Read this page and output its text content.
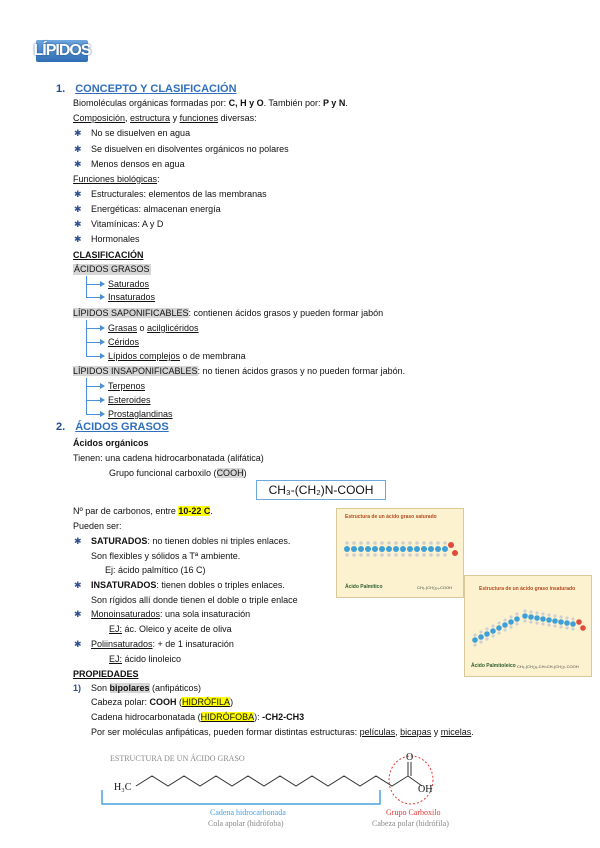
LÍPIDOS
1. CONCEPTO Y CLASIFICACIÓN
Biomoléculas orgánicas formadas por: C, H y O. También por: P y N.
Composición, estructura y funciones diversas:
✱ No se disuelven en agua
✱ Se disuelven en disolventes orgánicos no polares
✱ Menos densos en agua
Funciones biológicas:
✱ Estructurales: elementos de las membranas
✱ Energéticas: almacenan energía
✱ Vitamínicas: A y D
✱ Hormonales
CLASIFICACIÓN
ÁCIDOS GRASOS
Saturados
Insaturados
LÍPIDOS SAPONIFICABLES: contienen ácidos grasos y pueden formar jabón
Grasas o acilglicéridos
Céridos
Lípidos complejos o de membrana
LÍPIDOS INSAPONIFICABLES: no tienen ácidos grasos y no pueden formar jabón.
Terpenos
Esteroides
Prostaglandinas
2. ÁCIDOS GRASOS
Ácidos orgánicos
Tienen: una cadena hidrocarbonatada (alifática)
Grupo funcional carboxilo (COOH)
CH₃-(CH₂)N-COOH
Nº par de carbonos, entre 10-22 C.
Pueden ser:
✱ SATURADOS: no tienen dobles ni triples enlaces.
Son flexibles y sólidos a Tª ambiente.
Ej: ácido palmítico (16 C)
✱ INSATURADOS: tienen dobles o triples enlaces.
Son rígidos allí donde tienen el doble o triple enlace
✱ Monoinsaturados: una sola insaturación
EJ: ác. Oleico y aceite de oliva
✱ Poliinsaturados: + de 1 insaturación
EJ: ácido linoleico
PROPIEDADES
1) Son bipolares (anfipáticos)
Cabeza polar: COOH (HIDRÓFILA)
Cadena hidrocarbonatada (HIDRÓFOBA): -CH2-CH3
Por ser moléculas anfipáticas, pueden formar distintas estructuras: películas, bicapas y micelas.
Estructura de un ácido graso saturado
Ácido Palmítico	CH₃-(CH₂)₁₄-COOH	Estructura de un ácido graso insaturado
Ácido Palmitoleico CH₃-(CH₂)₅-CH=CH-(CH₂)₇-COOH
ESTRUCTURA DE UN ÁCIDO GRASO
H₃C
O
OH
Cadena hidrocarbonada
Cola apolar (hidrófoba)
Grupo Carboxilo
Cabeza polar (hidrófila)
